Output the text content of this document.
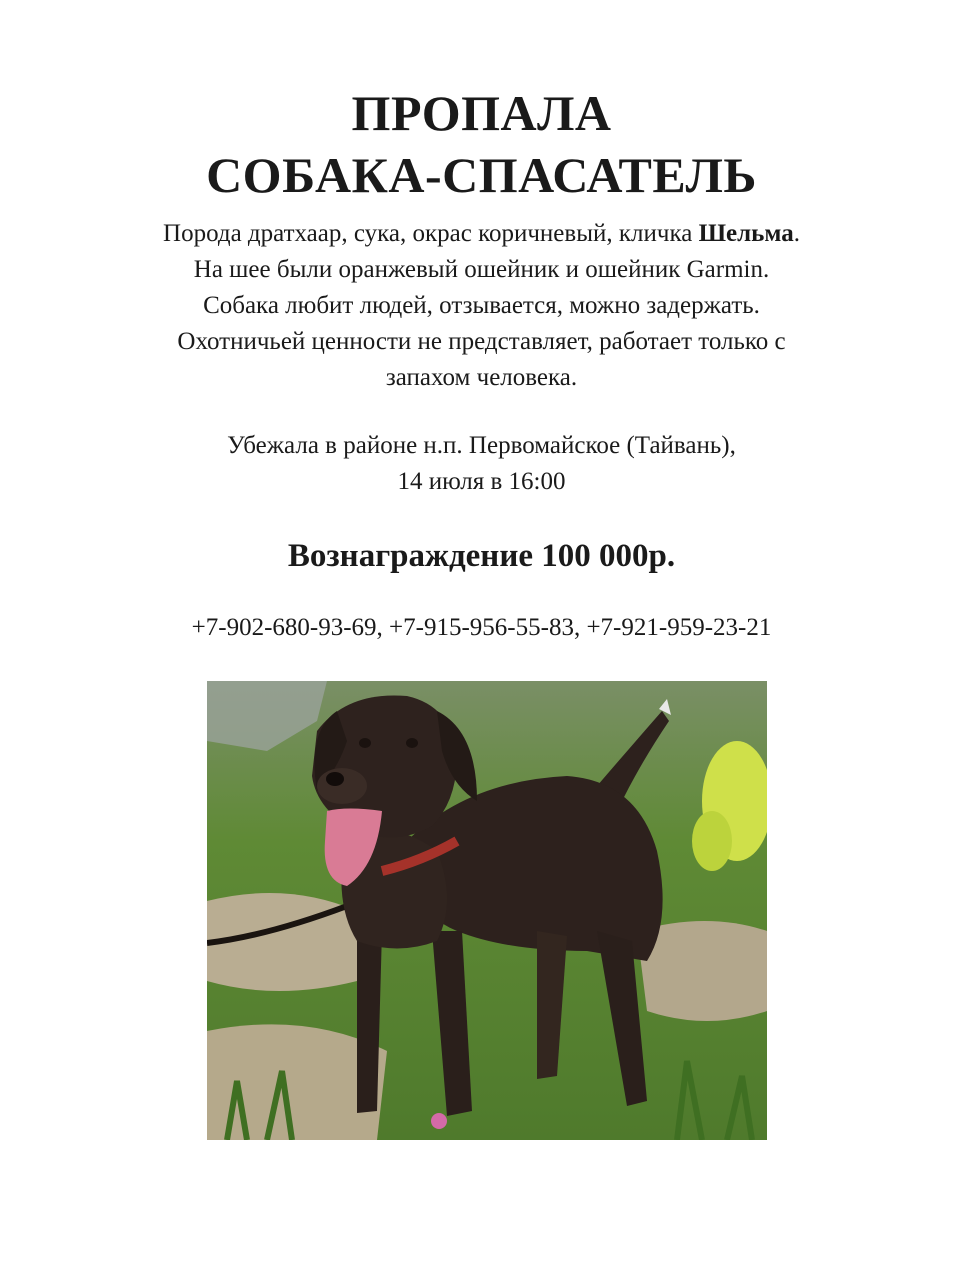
ПРОПАЛА
СОБАКА-СПАСАТЕЛЬ

Порода дратхаар, сука, окрас коричневый, кличка Шельма.
На шее были оранжевый ошейник и ошейник Garmin.
Собака любит людей, отзывается, можно задержать.
Охотничьей ценности не представляет, работает только с
запахом человека.

Убежала в районе н.п. Первомайское (Тайвань),
14 июля в 16:00

Вознаграждение 100 000р.

+7-902-680-93-69, +7-915-956-55-83, +7-921-959-23-21
